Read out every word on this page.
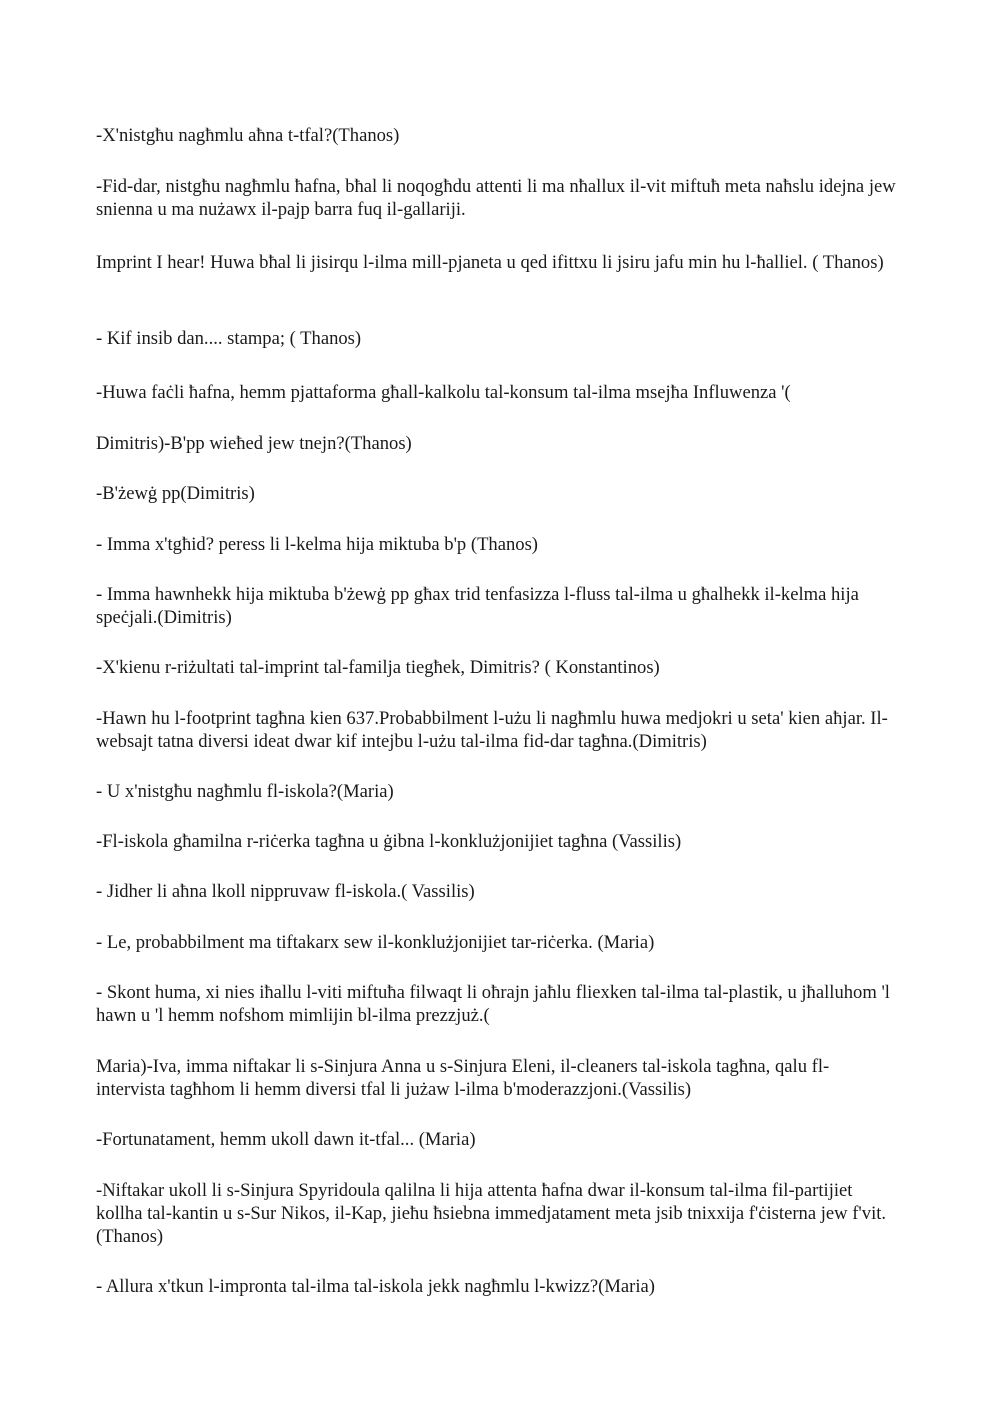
-X'nistgħu nagħmlu aħna t-tfal?(Thanos)

-Fid-dar, nistgħu nagħmlu ħafna, bħal li noqogħdu attenti li ma nħallux il-vit miftuħ meta naħslu idejna jew snienna u ma nużawx il-pajp barra fuq il-gallariji.

Imprint I hear! Huwa bħal li jisirqu l-ilma mill-pjaneta u qed ifittxu li jsiru jafu min hu l-ħalliel. ( Thanos)

- Kif insib dan.... stampa; ( Thanos)

-Huwa faċli ħafna, hemm pjattaforma għall-kalkolu tal-konsum tal-ilma msejħa Influwenza '(

Dimitris)-B'pp wieħed jew tnejn?(Thanos)

-B'żewġ pp(Dimitris)

- Imma x'tgħid? peress li l-kelma hija miktuba b'p (Thanos)

- Imma hawnhekk hija miktuba b'żewġ pp għax trid tenfasizza l-fluss tal-ilma u għalhekk il-kelma hija speċjali.(Dimitris)

-X'kienu r-riżultati tal-imprint tal-familja tiegħek, Dimitris? ( Konstantinos)

-Hawn hu l-footprint tagħna kien 637.Probabbilment l-użu li nagħmlu huwa medjokri u seta' kien aħjar. Il-websajt tatna diversi ideat dwar kif intejbu l-użu tal-ilma fid-dar tagħna.(Dimitris)

- U x'nistgħu nagħmlu fl-iskola?(Maria)

-Fl-iskola għamilna r-riċerka tagħna u ġibna l-konklużjonijiet tagħna (Vassilis)

- Jidher li aħna lkoll nippruvaw fl-iskola.( Vassilis)

- Le, probabbilment ma tiftakarx sew il-konklużjonijiet tar-riċerka. (Maria)

- Skont huma, xi nies iħallu l-viti miftuħa filwaqt li oħrajn jaħlu fliexken tal-ilma tal-plastik, u jħalluhom 'l hawn u 'l hemm nofshom mimlijin bl-ilma prezzjuż.(

Maria)-Iva, imma niftakar li s-Sinjura Anna u s-Sinjura Eleni, il-cleaners tal-iskola tagħna, qalu fl-intervista tagħhom li hemm diversi tfal li jużaw l-ilma b'moderazzjoni.(Vassilis)

-Fortunatament, hemm ukoll dawn it-tfal... (Maria)

-Niftakar ukoll li s-Sinjura Spyridoula qalilna li hija attenta ħafna dwar il-konsum tal-ilma fil-partijiet kollha tal-kantin u s-Sur Nikos, il-Kap, jieħu ħsiebna immedjatament meta jsib tnixxija f'ċisterna jew f'vit.(Thanos)

- Allura x'tkun l-impronta tal-ilma tal-iskola jekk nagħmlu l-kwizz?(Maria)
